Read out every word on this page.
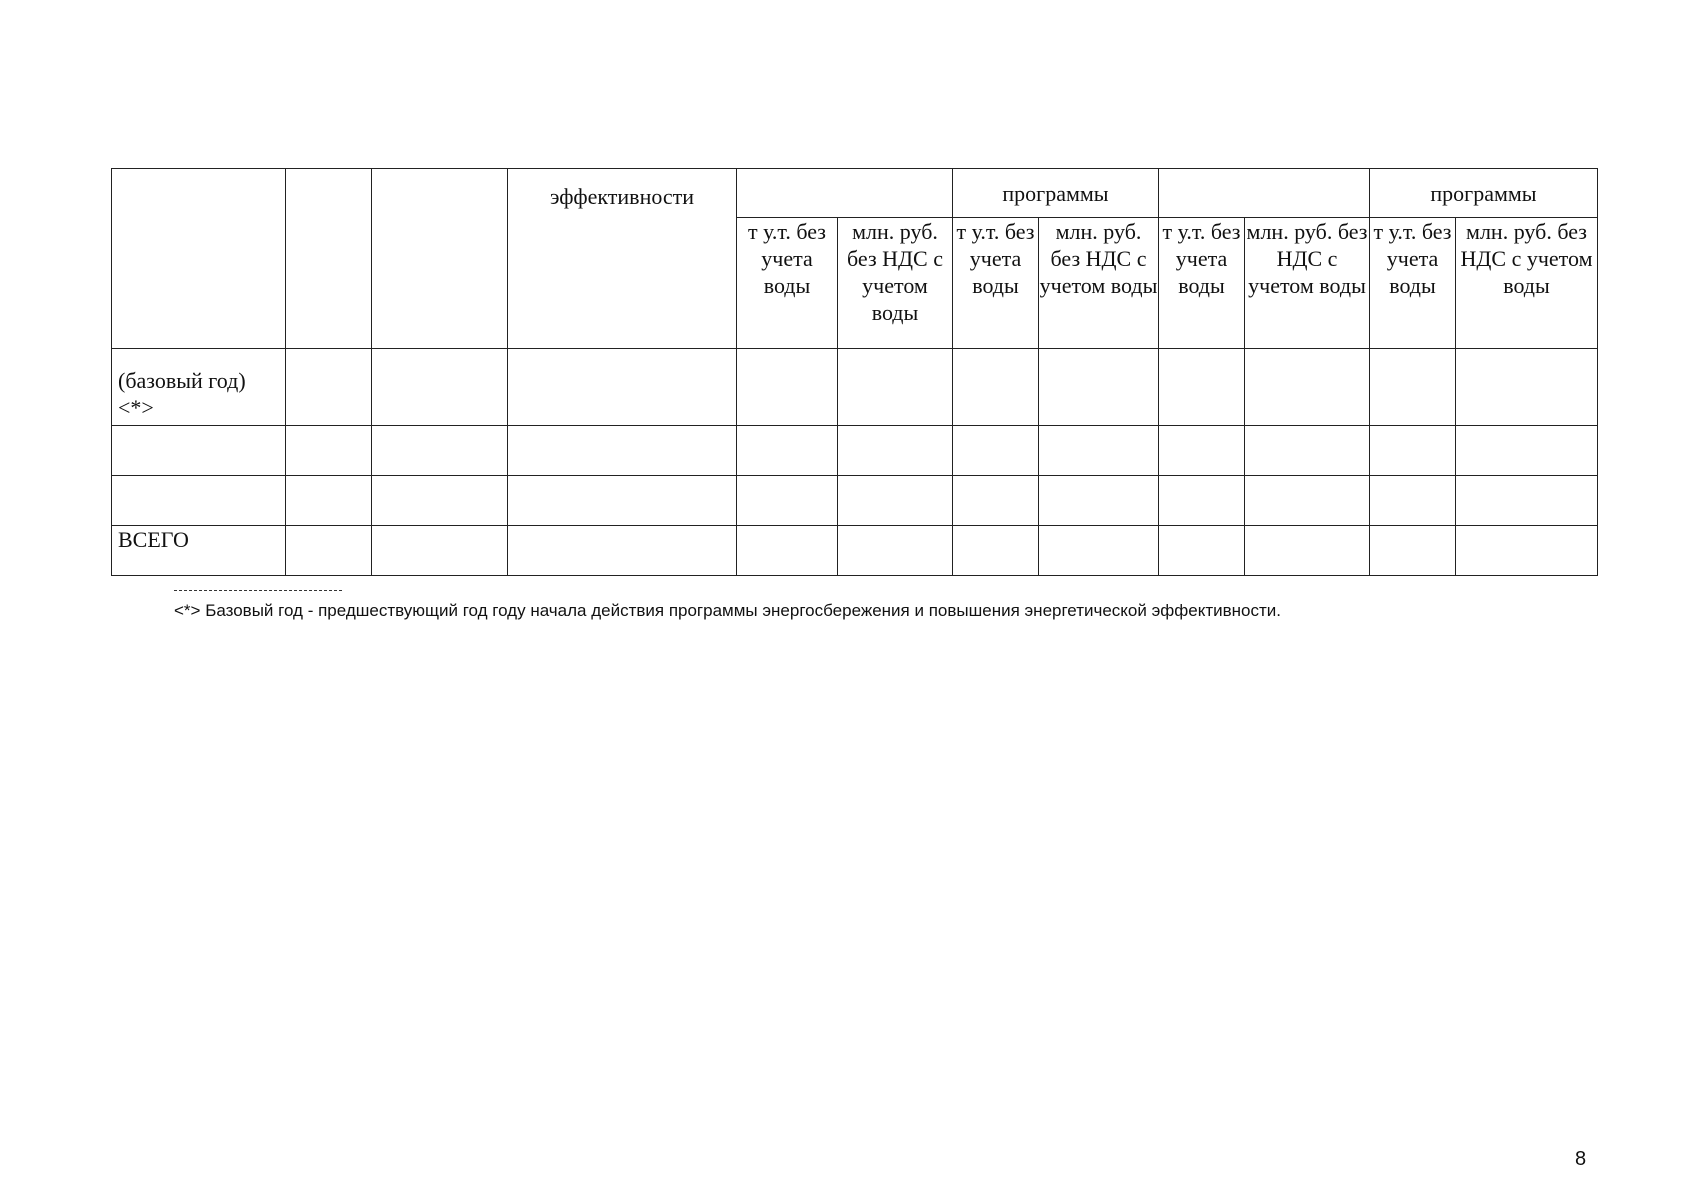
			эффективности			программы				программы	
				т у.т. без учета воды	млн. руб. без НДС с учетом воды	т у.т. без учета воды	млн. руб. без НДС с учетом воды	т у.т. без учета воды	млн. руб. без НДС с учетом воды	т у.т. без учета воды	млн. руб. без НДС с учетом воды

(базовый год) <*>											

ВСЕГО											

<*> Базовый год - предшествующий год году начала действия программы энергосбережения и повышения энергетической эффективности.
8
